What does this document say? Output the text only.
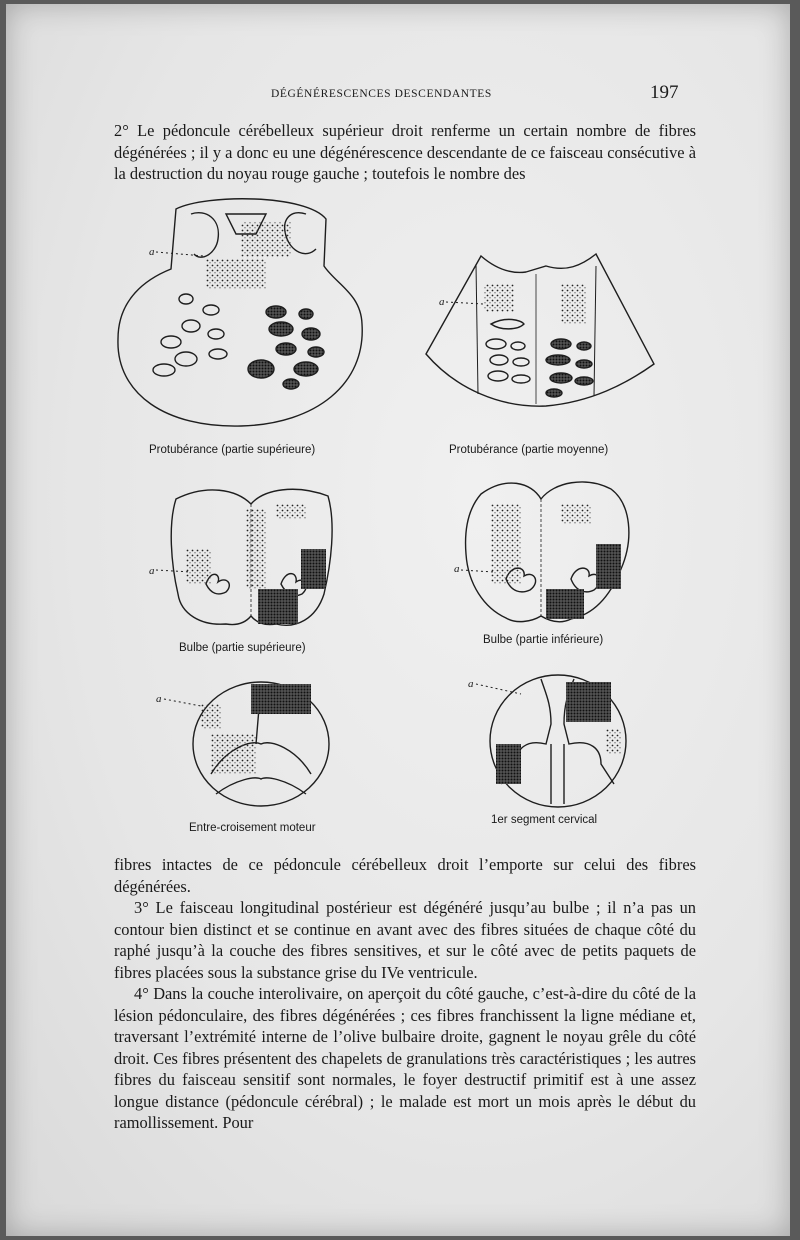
DÉGÉNÉRESCENCES DESCENDANTES	197

2° Le pédoncule cérébelleux supérieur droit renferme un certain nombre de fibres dégénérées ; il y a donc eu une dégénérescence descendante de ce faisceau consécutive à la destruction du noyau rouge gauche ; toutefois le nombre des

a
a
a	a
a
a
Protubérance (partie supérieure)	Protubérance (partie moyenne)
Bulbe (partie supérieure)
Bulbe (partie inférieure)
Entre-croisement moteur
1er segment cervical

fibres intactes de ce pédoncule cérébelleux droit l’emporte sur celui des fibres dégénérées.

3° Le faisceau longitudinal postérieur est dégénéré jusqu’au bulbe ; il n’a pas un contour bien distinct et se continue en avant avec des fibres situées de chaque côté du raphé jusqu’à la couche des fibres sensitives, et sur le côté avec de petits paquets de fibres placées sous la substance grise du IVe ventricule.

4° Dans la couche interolivaire, on aperçoit du côté gauche, c’est-à-dire du côté de la lésion pédonculaire, des fibres dégénérées ; ces fibres franchissent la ligne médiane et, traversant l’extrémité interne de l’olive bulbaire droite, gagnent le noyau grêle du côté droit. Ces fibres présentent des chapelets de granulations très caractéristiques ; les autres fibres du faisceau sensitif sont normales, le foyer destructif primitif est à une assez longue distance (pédoncule cérébral) ; le malade est mort un mois après le début du ramollissement. Pour
